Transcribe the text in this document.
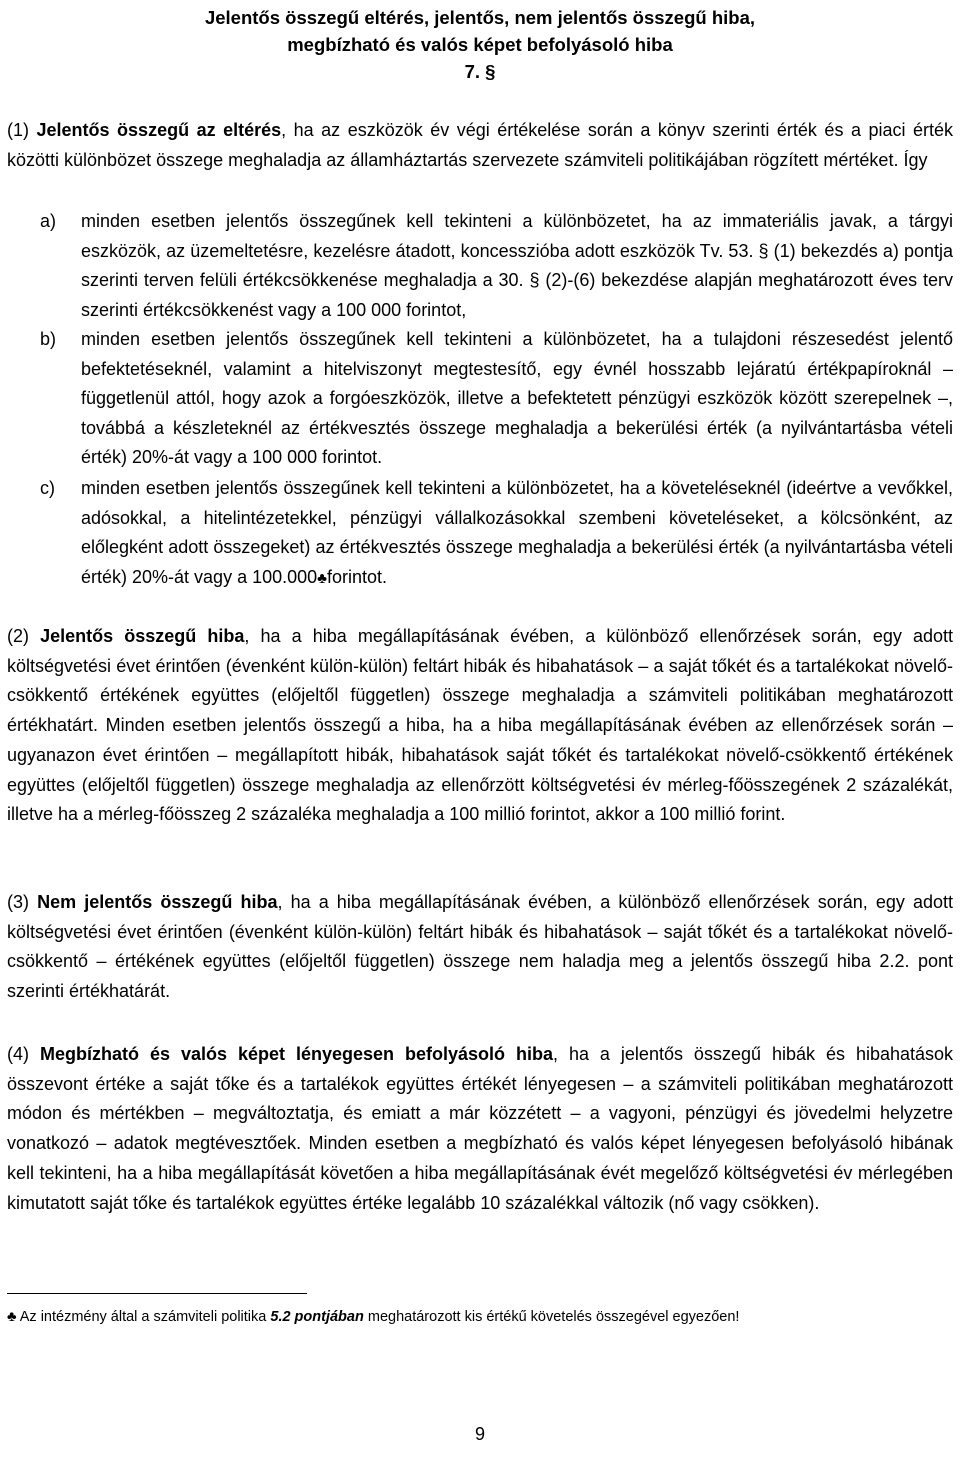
Jelentős összegű eltérés, jelentős, nem jelentős összegű hiba,
megbízható és valós képet befolyásoló hiba
7. §
(1) Jelentős összegű az eltérés, ha az eszközök év végi értékelése során a könyv szerinti érték és a piaci érték közötti különbözet összege meghaladja az államháztartás szervezete számviteli politikájában rögzített mértéket. Így
a) minden esetben jelentős összegűnek kell tekinteni a különbözetet, ha az immateriális javak, a tárgyi eszközök, az üzemeltetésre, kezelésre átadott, koncesszióba adott eszközök Tv. 53. § (1) bekezdés a) pontja szerinti terven felüli értékcsökkenése meghaladja a 30. § (2)-(6) bekezdése alapján meghatározott éves terv szerinti értékcsökkenést vagy a 100 000 forintot,
b) minden esetben jelentős összegűnek kell tekinteni a különbözetet, ha a tulajdoni részesedést jelentő befektetéseknél, valamint a hitelviszonyt megtestesítő, egy évnél hosszabb lejáratú értékpapíroknál – függetlenül attól, hogy azok a forgóeszközök, illetve a befektetett pénzügyi eszközök között szerepelnek –, továbbá a készleteknél az értékvesztés összege meghaladja a bekerülési érték (a nyilvántartásba vételi érték) 20%-át vagy a 100 000 forintot.
c) minden esetben jelentős összegűnek kell tekinteni a különbözetet, ha a követeléseknél (ideértve a vevőkkel, adósokkal, a hitelintézetekkel, pénzügyi vállalkozásokkal szembeni követeléseket, a kölcsönként, az előlegként adott összegeket) az értékvesztés összege meghaladja a bekerülési érték (a nyilvántartásba vételi érték) 20%-át vagy a 100.000♣forintot.
(2) Jelentős összegű hiba, ha a hiba megállapításának évében, a különböző ellenőrzések során, egy adott költségvetési évet érintően (évenként külön-külön) feltárt hibák és hibahatások – a saját tőkét és a tartalékokat növelő-csökkentő értékének együttes (előjeltől független) összege meghaladja a számviteli politikában meghatározott értékhatárt. Minden esetben jelentős összegű a hiba, ha a hiba megállapításának évében az ellenőrzések során – ugyanazon évet érintően – megállapított hibák, hibahatások saját tőkét és tartalékokat növelő-csökkentő értékének együttes (előjeltől független) összege meghaladja az ellenőrzött költségvetési év mérleg-főösszegének 2 százalékát, illetve ha a mérleg-főösszeg 2 százaléka meghaladja a 100 millió forintot, akkor a 100 millió forint.
(3) Nem jelentős összegű hiba, ha a hiba megállapításának évében, a különböző ellenőrzések során, egy adott költségvetési évet érintően (évenként külön-külön) feltárt hibák és hibahatások – saját tőkét és a tartalékokat növelő-csökkentő – értékének együttes (előjeltől független) összege nem haladja meg a jelentős összegű hiba 2.2. pont szerinti értékhatárát.
(4) Megbízható és valós képet lényegesen befolyásoló hiba, ha a jelentős összegű hibák és hibahatások összevont értéke a saját tőke és a tartalékok együttes értékét lényegesen – a számviteli politikában meghatározott módon és mértékben – megváltoztatja, és emiatt a már közzétett – a vagyoni, pénzügyi és jövedelmi helyzetre vonatkozó – adatok megtévesztőek. Minden esetben a megbízható és valós képet lényegesen befolyásoló hibának kell tekinteni, ha a hiba megállapítását követően a hiba megállapításának évét megelőző költségvetési év mérlegében kimutatott saját tőke és tartalékok együttes értéke legalább 10 százalékkal változik (nő vagy csökken).
♣ Az intézmény által a számviteli politika 5.2 pontjában meghatározott kis értékű követelés összegével egyezően!
9
